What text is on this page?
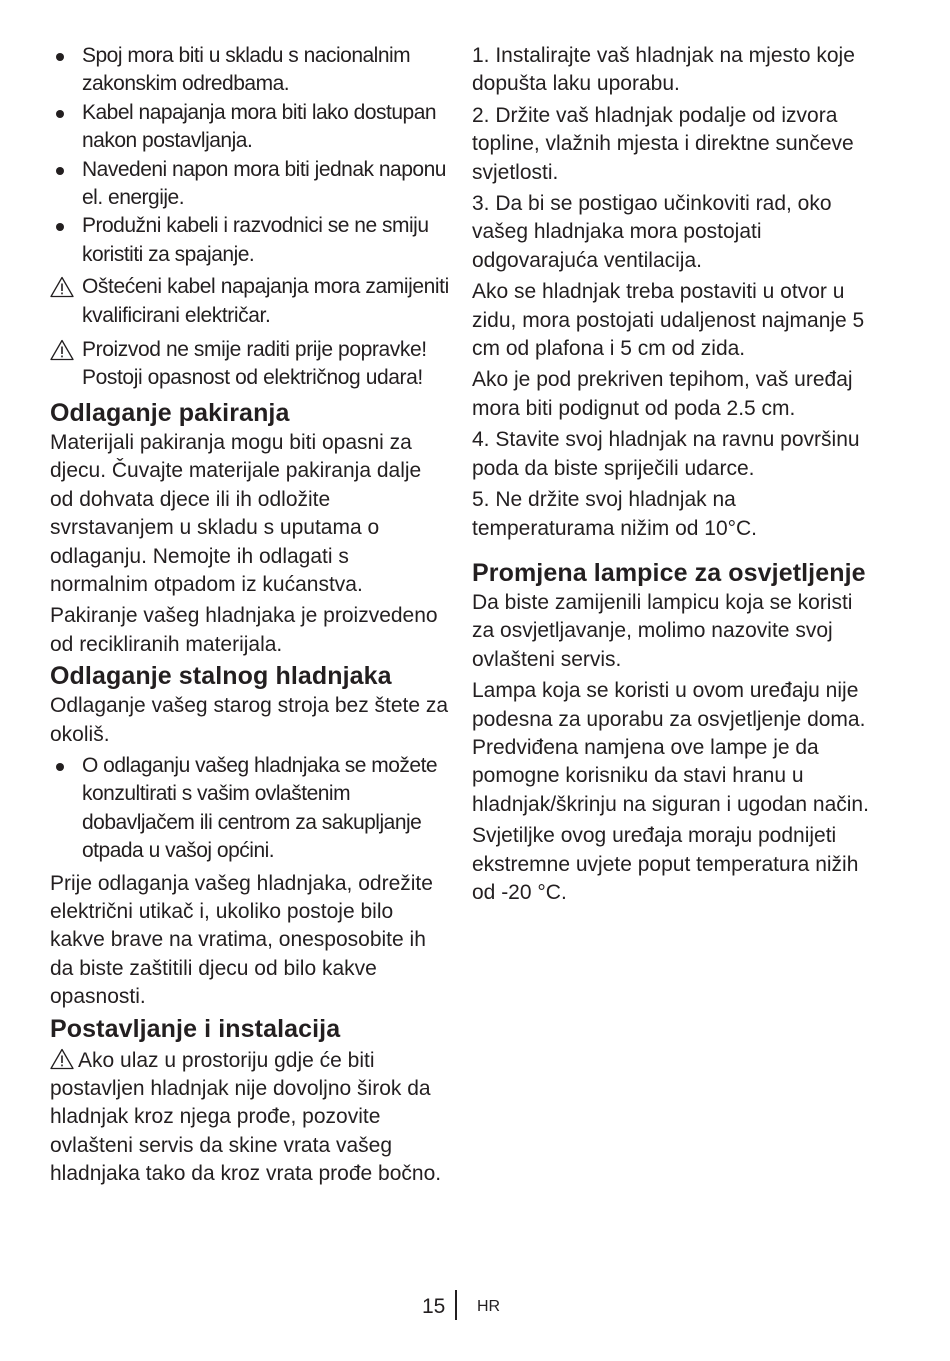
Spoj mora biti u skladu s nacionalnim zakonskim odredbama.
Kabel napajanja mora biti lako dostupan nakon postavljanja.
Navedeni napon mora biti jednak naponu el. energije.
Produžni kabeli i razvodnici se ne smiju koristiti za spajanje.
Oštećeni kabel napajanja mora zamijeniti kvalificirani električar.
Proizvod ne smije raditi prije popravke! Postoji opasnost od električnog udara!
Odlaganje pakiranja

Materijali pakiranja mogu biti opasni za djecu. Čuvajte materijale pakiranja dalje od dohvata djece ili ih odložite svrstavanjem u skladu s uputama o odlaganju. Nemojte ih odlagati s normalnim otpadom iz kućanstva.

Pakiranje vašeg hladnjaka je proizvedeno od recikliranih materijala.

Odlaganje stalnog hladnjaka

Odlaganje vašeg starog stroja bez štete za okoliš.

O odlaganju vašeg hladnjaka se možete konzultirati s vašim ovlaštenim dobavljačem ili centrom za sakupljanje otpada u vašoj općini.

Prije odlaganja vašeg hladnjaka, odrežite električni utikač i, ukoliko postoje bilo kakve brave na vratima, onesposobite ih da biste zaštitili djecu od bilo kakve opasnosti.

Postavljanje i instalacija

Ako ulaz u prostoriju gdje će biti postavljen hladnjak nije dovoljno širok da hladnjak kroz njega prođe, pozovite ovlašteni servis da skine vrata vašeg hladnjaka tako da kroz vrata prođe bočno.

1. Instalirajte vaš hladnjak na mjesto koje dopušta laku uporabu.

2. Držite vaš hladnjak podalje od izvora topline, vlažnih mjesta i direktne sunčeve svjetlosti.

3. Da bi se postigao učinkoviti rad, oko vašeg hladnjaka mora postojati odgovarajuća ventilacija.

Ako se hladnjak treba postaviti u otvor u zidu, mora postojati udaljenost najmanje 5 cm od plafona i 5 cm od zida.

Ako je pod prekriven tepihom, vaš uređaj mora biti podignut od poda 2.5 cm.

4. Stavite svoj hladnjak na ravnu površinu poda da biste spriječili udarce.

5. Ne držite svoj hladnjak na temperaturama nižim od 10°C.

Promjena lampice za osvjetljenje

Da biste zamijenili lampicu koja se koristi za osvjetljavanje, molimo nazovite svoj ovlašteni servis.

Lampa koja se koristi u ovom uređaju nije podesna za uporabu za osvjetljenje doma. Predviđena namjena ove lampe je da pomogne korisniku da stavi hranu u hladnjak/škrinju na siguran i ugodan način.

Svjetiljke ovog uređaja moraju podnijeti ekstremne uvjete poput temperatura nižih od -20 °C.

15 HR
